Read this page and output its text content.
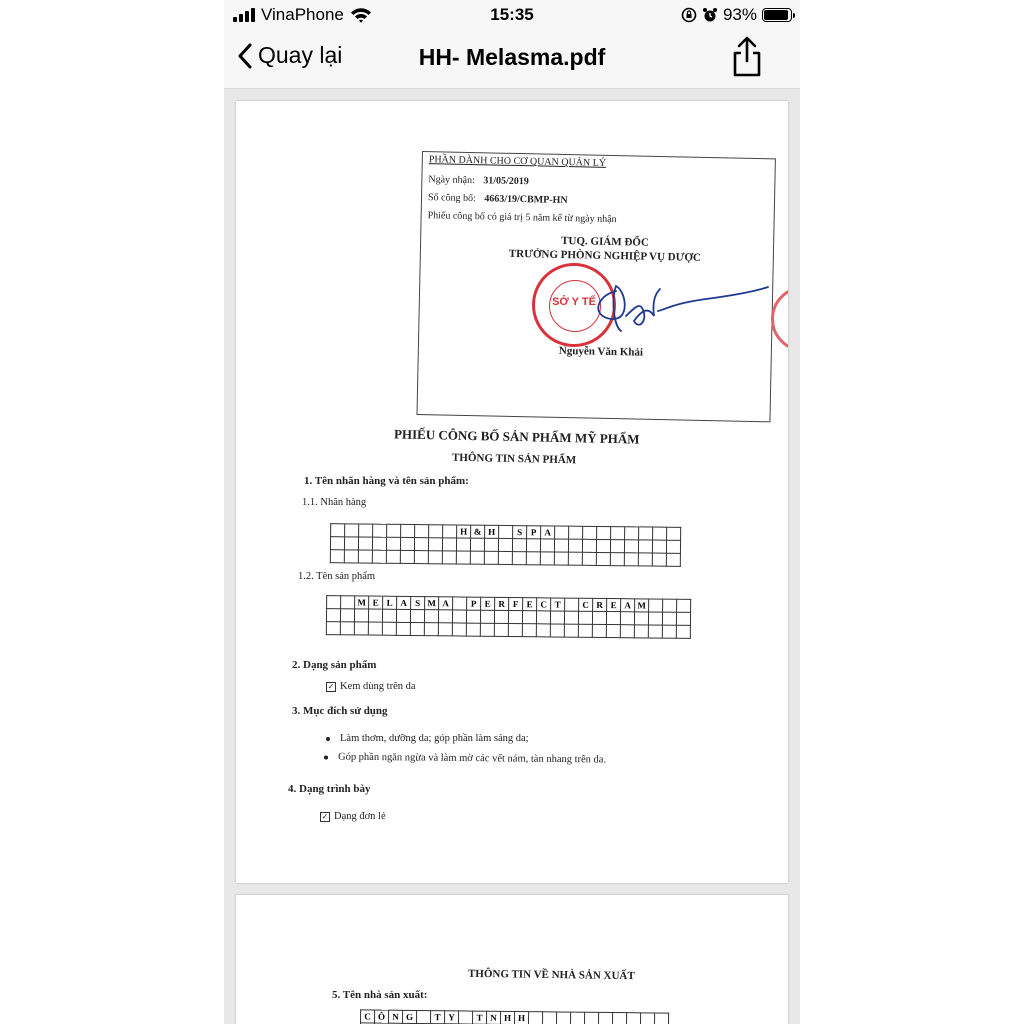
VinaPhone	15:35	93%
Quay lại	HH- Melasma.pdf
PHẦN DÀNH CHO CƠ QUAN QUẢN LÝ
Ngày nhận: 31/05/2019
Số công bố: 4663/19/CBMP-HN
Phiếu công bố có giá trị 5 năm kể từ ngày nhận
TUQ. GIÁM ĐỐC
TRƯỞNG PHÒNG NGHIỆP VỤ DƯỢC
Nguyễn Văn Khải
SỞ Y TẾ
PHIẾU CÔNG BỐ SẢN PHẨM MỸ PHẨM
THÔNG TIN SẢN PHẨM
1. Tên nhãn hàng và tên sản phẩm:
1.1. Nhãn hàng
									H	&	H		S	P	A									

1.2. Tên sản phẩm
		M	E	L	A	S	M	A		P	E	R	F	E	C	T		C	R	E	A	M			

2. Dạng sản phẩm
✓ Kem dùng trên da
3. Mục đích sử dụng
Làm thơm, dưỡng da; góp phần làm sáng da;
Góp phần ngăn ngừa và làm mờ các vết nám, tàn nhang trên da.
4. Dạng trình bày
✓ Dạng đơn lẻ
THÔNG TIN VỀ NHÀ SẢN XUẤT
5. Tên nhà sản xuất:
C	Ô	N	G		T	Y		T	N	H	H										
